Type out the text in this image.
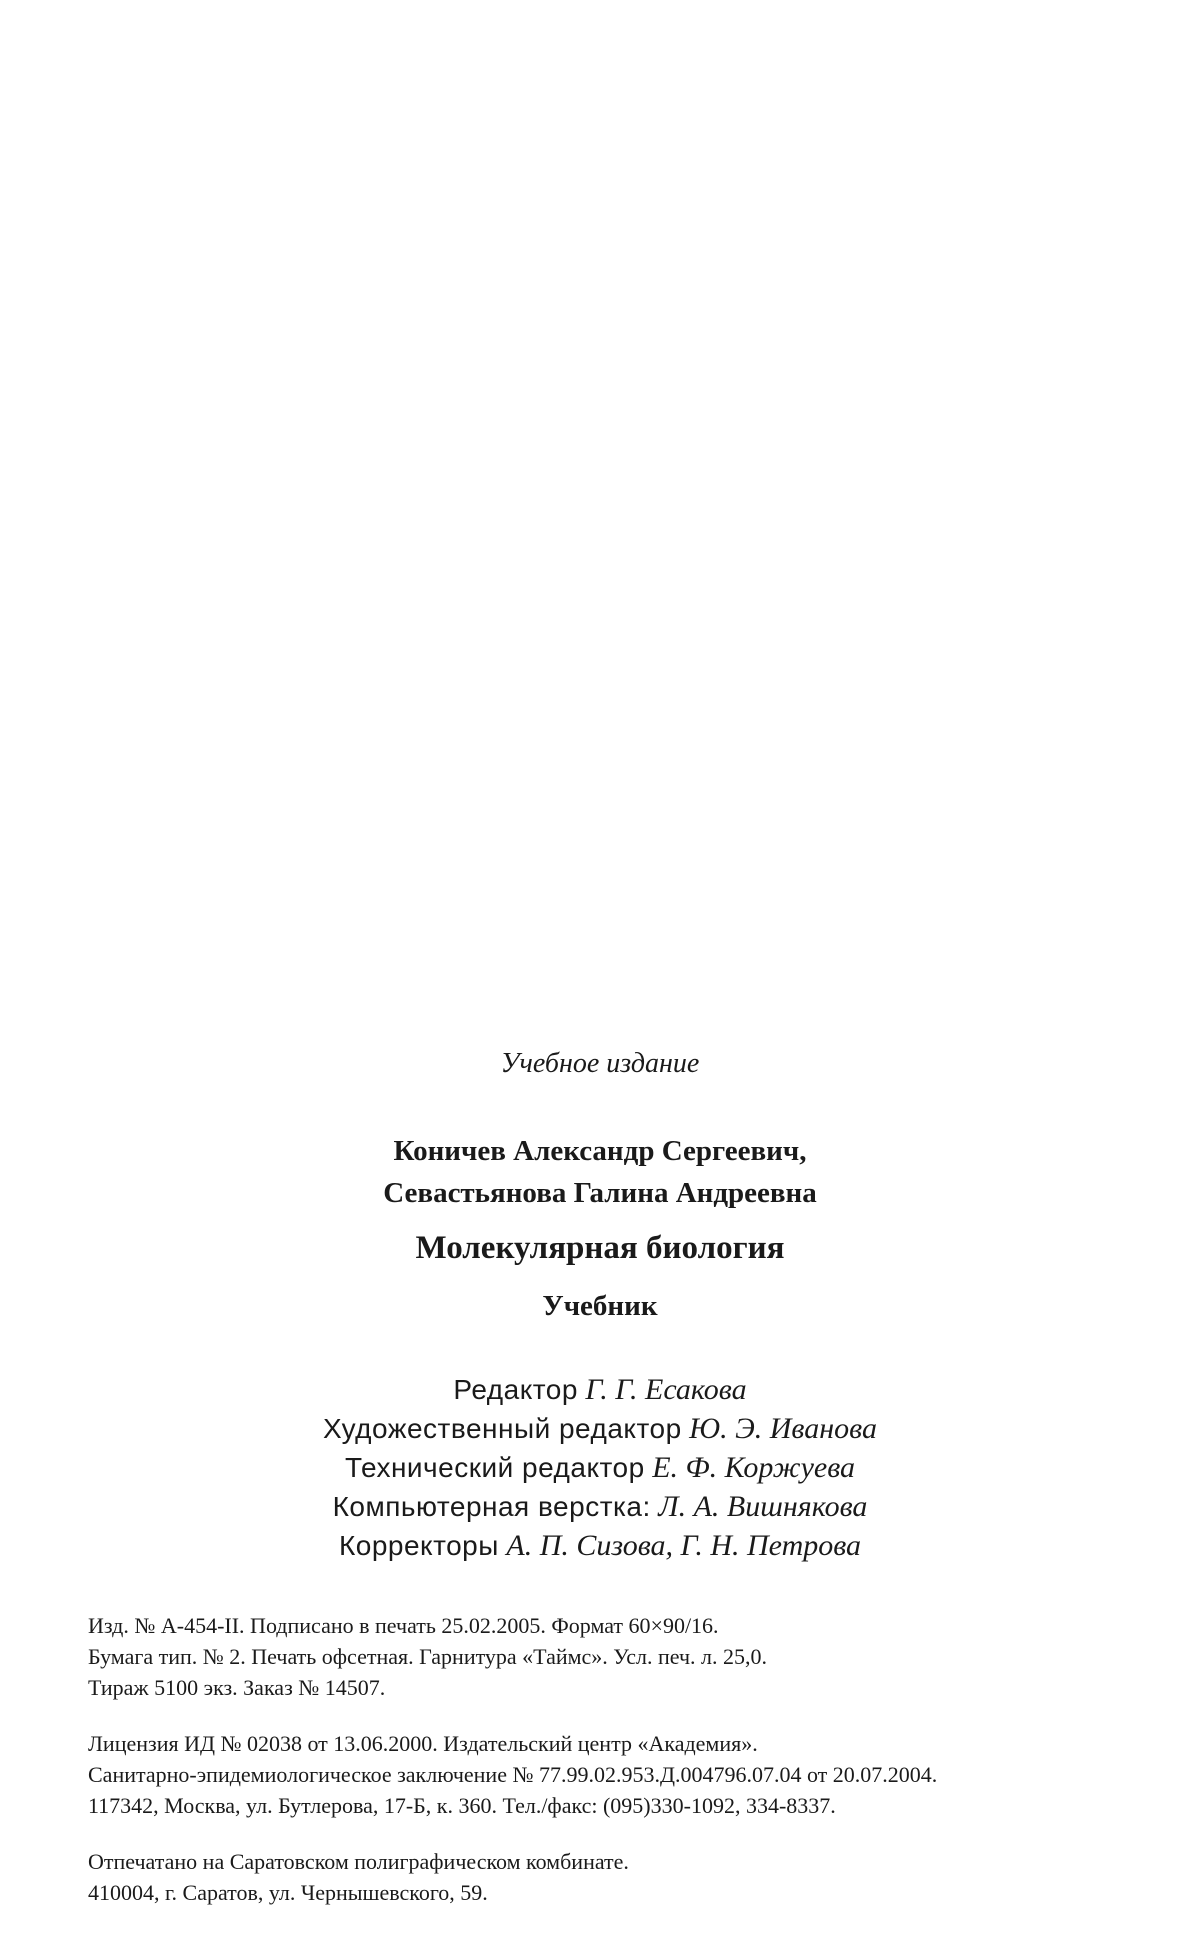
Учебное издание

Коничев Александр Сергеевич,
Севастьянова Галина Андреевна

Молекулярная биология

Учебник

Редактор Г. Г. Есакова
Художественный редактор Ю. Э. Иванова
Технический редактор Е. Ф. Коржуева
Компьютерная верстка: Л. А. Вишнякова
Корректоры А. П. Сизова, Г. Н. Петрова
Изд. № А-454-II. Подписано в печать 25.02.2005. Формат 60×90/16.
Бумага тип. № 2. Печать офсетная. Гарнитура «Таймс». Усл. печ. л. 25,0.
Тираж 5100 экз. Заказ № 14507.
Лицензия ИД № 02038 от 13.06.2000. Издательский центр «Академия».
Санитарно-эпидемиологическое заключение № 77.99.02.953.Д.004796.07.04 от 20.07.2004.
117342, Москва, ул. Бутлерова, 17-Б, к. 360. Тел./факс: (095)330-1092, 334-8337.
Отпечатано на Саратовском полиграфическом комбинате.
410004, г. Саратов, ул. Чернышевского, 59.
